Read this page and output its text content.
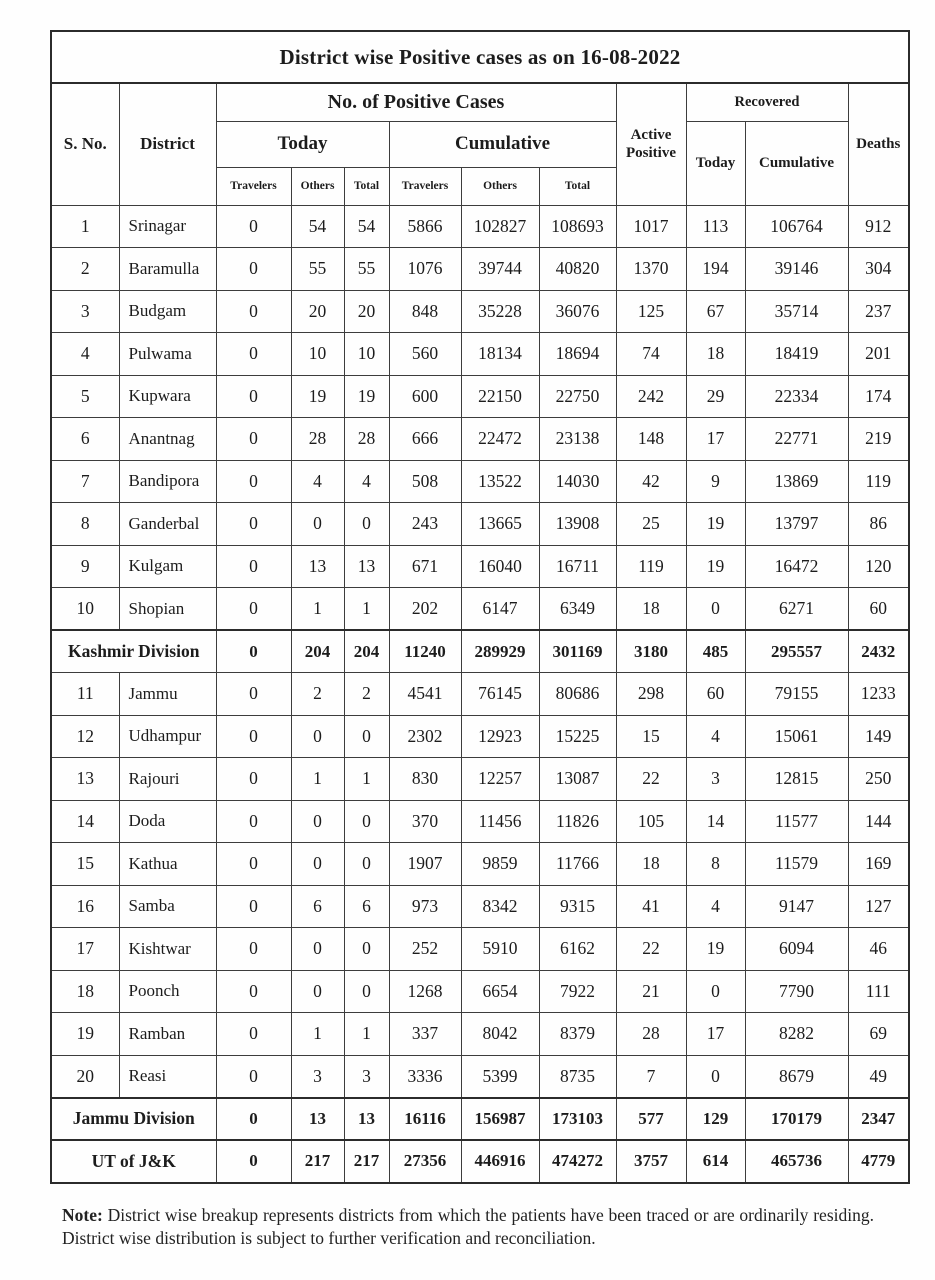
District wise Positive cases as on 16-08-2022											
S. No.	District	No. of Positive Cases						Active Positive	Recovered		Deaths
		Today			Cumulative				Today	Cumulative	
		Travelers	Others	Total	Travelers	Others	Total				
1	Srinagar	0	54	54	5866	102827	108693	1017	113	106764	912
2	Baramulla	0	55	55	1076	39744	40820	1370	194	39146	304
3	Budgam	0	20	20	848	35228	36076	125	67	35714	237
4	Pulwama	0	10	10	560	18134	18694	74	18	18419	201
5	Kupwara	0	19	19	600	22150	22750	242	29	22334	174
6	Anantnag	0	28	28	666	22472	23138	148	17	22771	219
7	Bandipora	0	4	4	508	13522	14030	42	9	13869	119
8	Ganderbal	0	0	0	243	13665	13908	25	19	13797	86
9	Kulgam	0	13	13	671	16040	16711	119	19	16472	120
10	Shopian	0	1	1	202	6147	6349	18	0	6271	60
Kashmir Division		0	204	204	11240	289929	301169	3180	485	295557	2432
11	Jammu	0	2	2	4541	76145	80686	298	60	79155	1233
12	Udhampur	0	0	0	2302	12923	15225	15	4	15061	149
13	Rajouri	0	1	1	830	12257	13087	22	3	12815	250
14	Doda	0	0	0	370	11456	11826	105	14	11577	144
15	Kathua	0	0	0	1907	9859	11766	18	8	11579	169
16	Samba	0	6	6	973	8342	9315	41	4	9147	127
17	Kishtwar	0	0	0	252	5910	6162	22	19	6094	46
18	Poonch	0	0	0	1268	6654	7922	21	0	7790	111
19	Ramban	0	1	1	337	8042	8379	28	17	8282	69
20	Reasi	0	3	3	3336	5399	8735	7	0	8679	49
Jammu Division		0	13	13	16116	156987	173103	577	129	170179	2347
UT of J&K		0	217	217	27356	446916	474272	3757	614	465736	4779

Note: District wise breakup represents districts from which the patients have been traced or are ordinarily residing. District wise distribution is subject to further verification and reconciliation.
